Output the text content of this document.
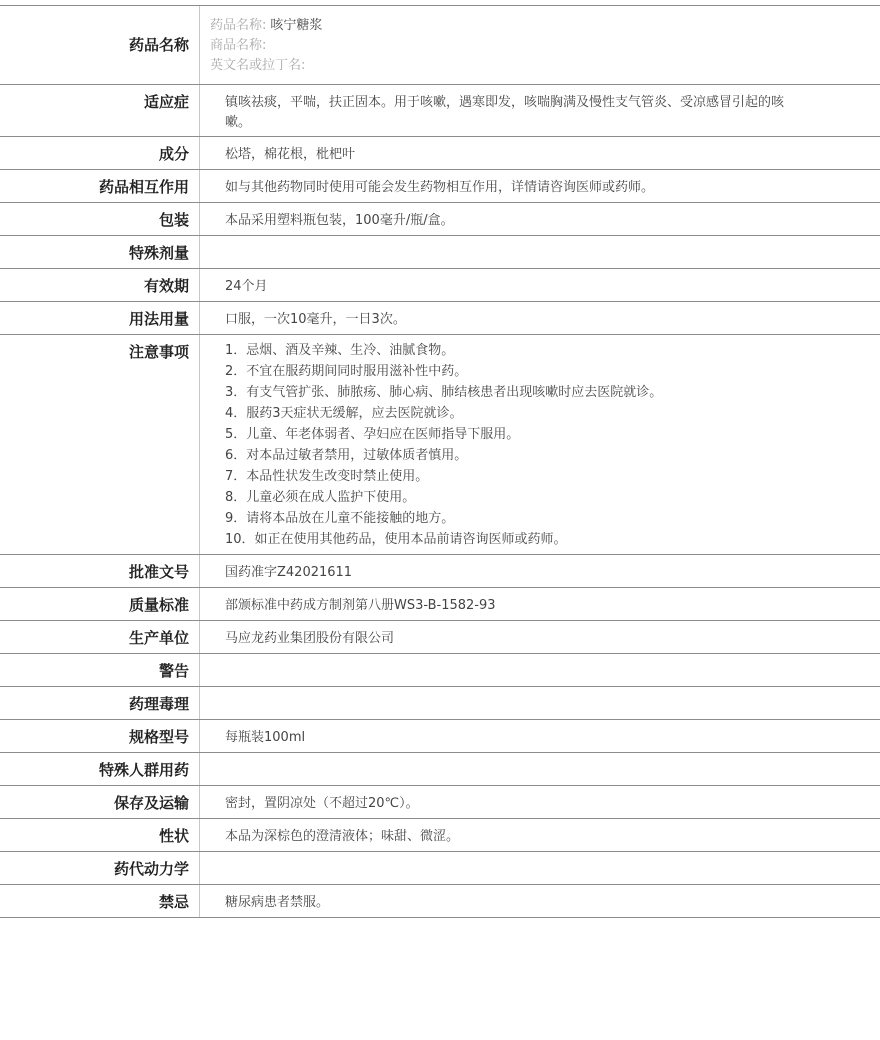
药品名称
药品名称: 咳宁糖浆
商品名称:
英文名或拉丁名:
适应症	镇咳祛痰，平喘，扶正固本。用于咳嗽，遇寒即发，咳喘胸满及慢性支气管炎、受凉感冒引起的咳嗽。
成分	松塔，棉花根，枇杷叶
药品相互作用	如与其他药物同时使用可能会发生药物相互作用，详情请咨询医师或药师。
包装	本品采用塑料瓶包装，100毫升/瓶/盒。
特殊剂量
有效期	24个月
用法用量	口服，一次10毫升，一日3次。
注意事项	1．忌烟、酒及辛辣、生冷、油腻食物。
2．不宜在服药期间同时服用滋补性中药。
3．有支气管扩张、肺脓疡、肺心病、肺结核患者出现咳嗽时应去医院就诊。
4．服药3天症状无缓解，应去医院就诊。
5．儿童、年老体弱者、孕妇应在医师指导下服用。
6．对本品过敏者禁用，过敏体质者慎用。
7．本品性状发生改变时禁止使用。
8．儿童必须在成人监护下使用。
9．请将本品放在儿童不能接触的地方。
10．如正在使用其他药品，使用本品前请咨询医师或药师。
批准文号	国药准字Z42021611
质量标准	部颁标准中药成方制剂第八册WS3-B-1582-93
生产单位	马应龙药业集团股份有限公司
警告
药理毒理
规格型号	每瓶装100ml
特殊人群用药
保存及运输	密封，置阴凉处（不超过20℃）。
性状	本品为深棕色的澄清液体；味甜、微涩。
药代动力学
禁忌	糖尿病患者禁服。
